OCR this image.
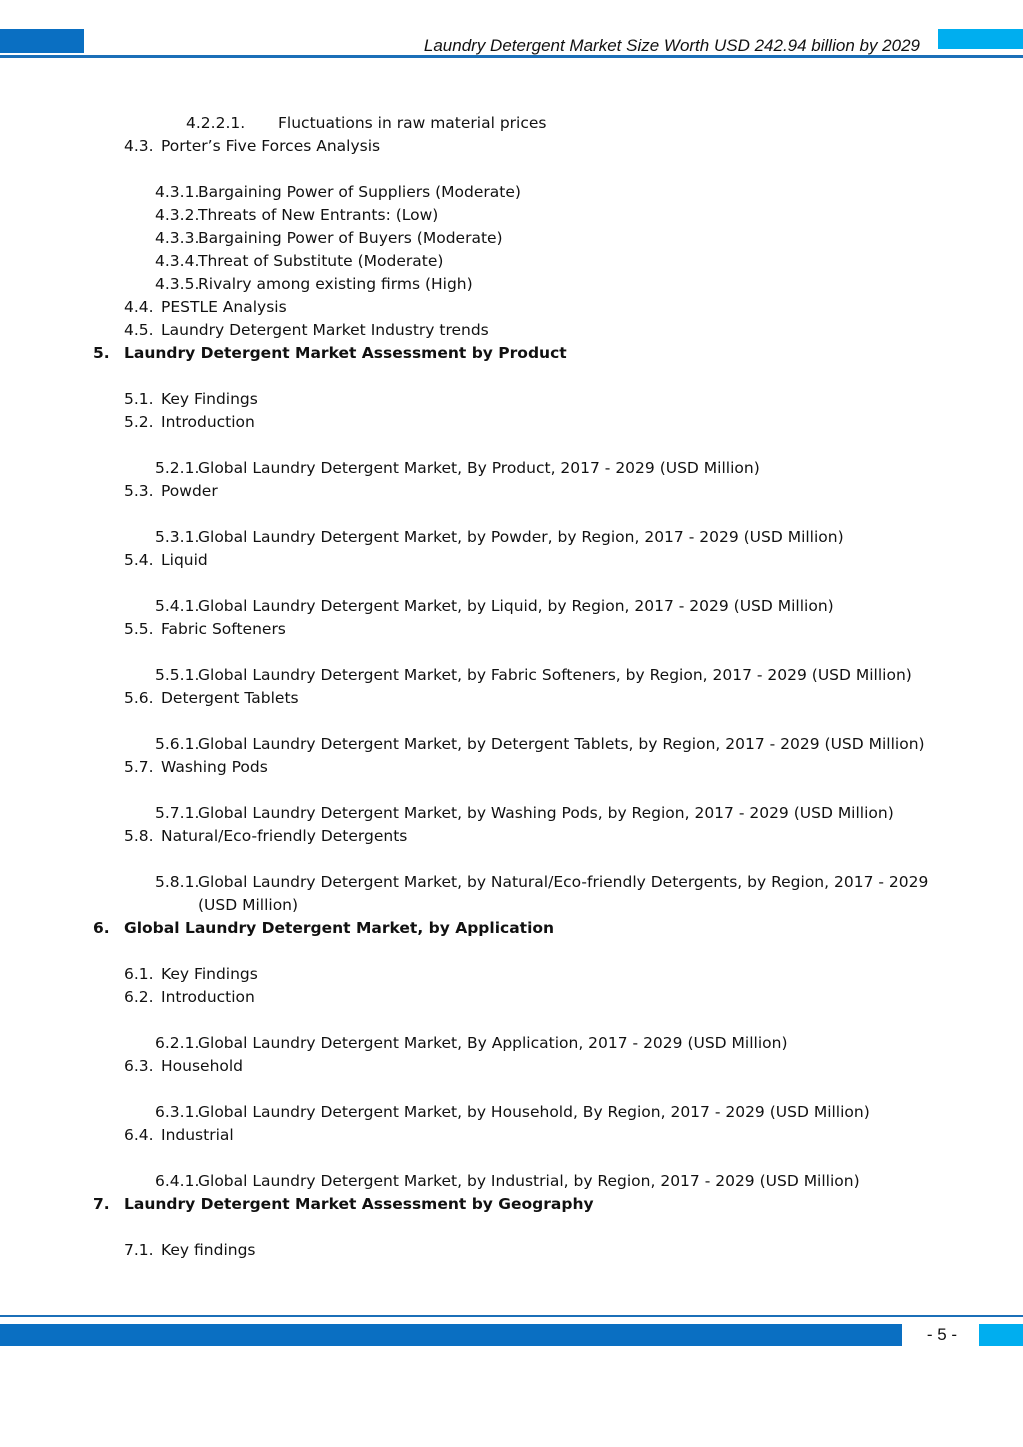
Laundry Detergent Market Size Worth USD 242.94 billion by 2029
4.2.2.1. Fluctuations in raw material prices
4.3. Porter’s Five Forces Analysis
4.3.1.Bargaining Power of Suppliers (Moderate)
4.3.2.Threats of New Entrants: (Low)
4.3.3.Bargaining Power of Buyers (Moderate)
4.3.4.Threat of Substitute (Moderate)
4.3.5.Rivalry among existing firms (High)
4.4. PESTLE Analysis
4.5. Laundry Detergent Market Industry trends
5. Laundry Detergent Market Assessment by Product
5.1. Key Findings
5.2. Introduction
5.2.1.Global Laundry Detergent Market, By Product, 2017 - 2029 (USD Million)
5.3. Powder
5.3.1.Global Laundry Detergent Market, by Powder, by Region, 2017 - 2029 (USD Million)
5.4. Liquid
5.4.1.Global Laundry Detergent Market, by Liquid, by Region, 2017 - 2029 (USD Million)
5.5. Fabric Softeners
5.5.1.Global Laundry Detergent Market, by Fabric Softeners, by Region, 2017 - 2029 (USD Million)
5.6. Detergent Tablets
5.6.1.Global Laundry Detergent Market, by Detergent Tablets, by Region, 2017 - 2029 (USD Million)
5.7. Washing Pods
5.7.1.Global Laundry Detergent Market, by Washing Pods, by Region, 2017 - 2029 (USD Million)
5.8. Natural/Eco-friendly Detergents
5.8.1.Global Laundry Detergent Market, by Natural/Eco-friendly Detergents, by Region, 2017 - 2029
(USD Million)
6. Global Laundry Detergent Market, by Application
6.1. Key Findings
6.2. Introduction
6.2.1.Global Laundry Detergent Market, By Application, 2017 - 2029 (USD Million)
6.3. Household
6.3.1.Global Laundry Detergent Market, by Household, By Region, 2017 - 2029 (USD Million)
6.4. Industrial
6.4.1.Global Laundry Detergent Market, by Industrial, by Region, 2017 - 2029 (USD Million)
7. Laundry Detergent Market Assessment by Geography
7.1. Key findings
- 5 -
